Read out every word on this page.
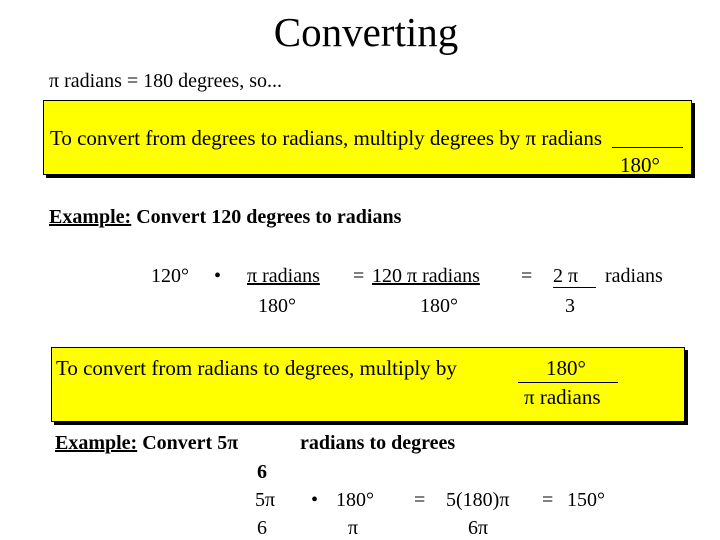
Converting
π radians = 180 degrees, so...
To convert from degrees to radians, multiply degrees by π radians
180°
Example: Convert 120 degrees to radians
120° • π radians = 120 π radians = 2 π radians
180°	180°	3
To convert from radians to degrees, multiply by	180°
π radians
Example: Convert 5π	radians to degrees
6
5π • 180° = 5(180)π = 150°
6	π	6π
